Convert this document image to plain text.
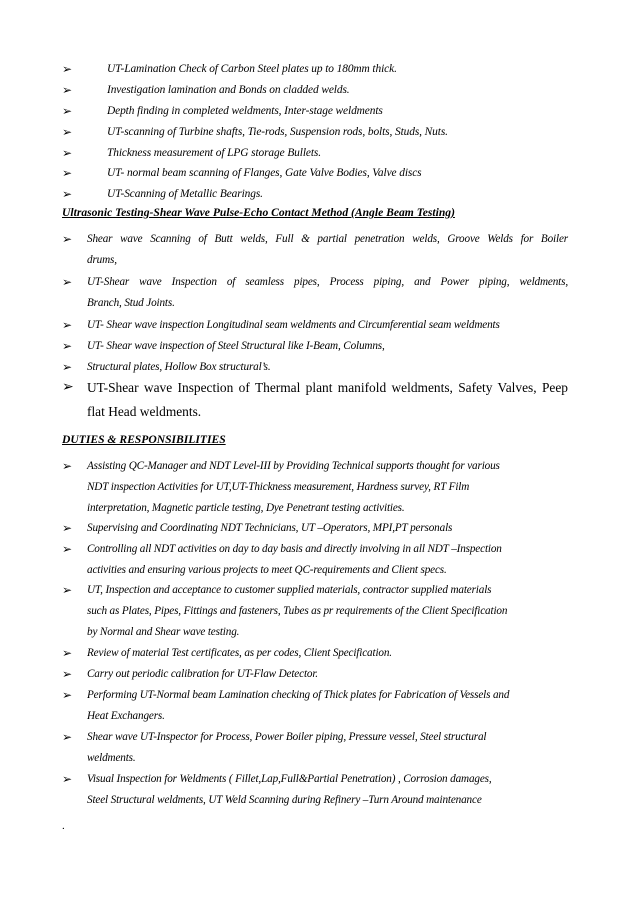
➢	UT-Lamination Check of Carbon Steel plates up to 180mm thick.
➢	Investigation lamination and Bonds on cladded welds.
➢	Depth finding in completed weldments, Inter-stage weldments
➢	UT-scanning of Turbine shafts, Tie-rods, Suspension rods, bolts, Studs, Nuts.
➢	Thickness measurement of LPG storage Bullets.
➢	UT- normal beam scanning of Flanges, Gate Valve Bodies, Valve discs
➢	UT-Scanning of Metallic Bearings.
Ultrasonic Testing-Shear Wave Pulse-Echo Contact Method (Angle Beam Testing)
➢ Shear wave Scanning of Butt welds, Full & partial penetration welds, Groove Welds for Boiler
drums,
➢ UT-Shear wave Inspection of seamless pipes, Process piping, and Power piping, weldments,
Branch, Stud Joints.
➢ UT- Shear wave inspection Longitudinal seam weldments and Circumferential seam weldments
➢ UT- Shear wave inspection of Steel Structural like I-Beam, Columns,
➢ Structural plates, Hollow Box structural’s.
➢ UT-Shear wave Inspection of Thermal plant manifold weldments, Safety Valves, Peep
flat Head weldments.
DUTIES & RESPONSIBILITIES
➢ Assisting QC-Manager and NDT Level-III by Providing Technical supports thought for various
NDT inspection Activities for UT,UT-Thickness measurement, Hardness survey, RT Film
interpretation, Magnetic particle testing, Dye Penetrant testing activities.
➢ Supervising and Coordinating NDT Technicians, UT –Operators, MPI,PT personals
➢ Controlling all NDT activities on day to day basis and directly involving in all NDT –Inspection
activities and ensuring various projects to meet QC-requirements and Client specs.
➢ UT, Inspection and acceptance to customer supplied materials, contractor supplied materials
such as Plates, Pipes, Fittings and fasteners, Tubes as pr requirements of the Client Specification
by Normal and Shear wave testing.
➢ Review of material Test certificates, as per codes, Client Specification.
➢ Carry out periodic calibration for UT-Flaw Detector.
➢ Performing UT-Normal beam Lamination checking of Thick plates for Fabrication of Vessels and
Heat Exchangers.
➢ Shear wave UT-Inspector for Process, Power Boiler piping, Pressure vessel, Steel structural
weldments.
➢ Visual Inspection for Weldments ( Fillet,Lap,Full&Partial Penetration) , Corrosion damages,
Steel Structural weldments, UT Weld Scanning during Refinery –Turn Around maintenance
.
